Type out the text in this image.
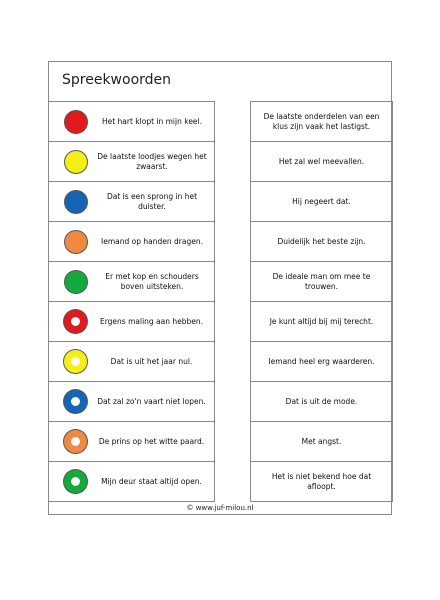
Spreekwoorden
Het hart klopt in mijn keel.
De laatste loodjes wegen het zwaarst.
Dat is een sprong in het duister.
Iemand op handen dragen.
Er met kop en schouders boven uitsteken.
Ergens maling aan hebben.
Dat is uit het jaar nul.
Dat zal zo'n vaart niet lopen.
De prins op het witte paard.
Mijn deur staat altijd open.
De laatste onderdelen van een klus zijn vaak het lastigst.
Het zal wel meevallen.
Hij negeert dat.
Duidelijk het beste zijn.
De ideale man om mee te trouwen.
Je kunt altijd bij mij terecht.
Iemand heel erg waarderen.
Dat is uit de mode.
Met angst.
Het is niet bekend hoe dat afloopt.
© www.juf-milou.nl
